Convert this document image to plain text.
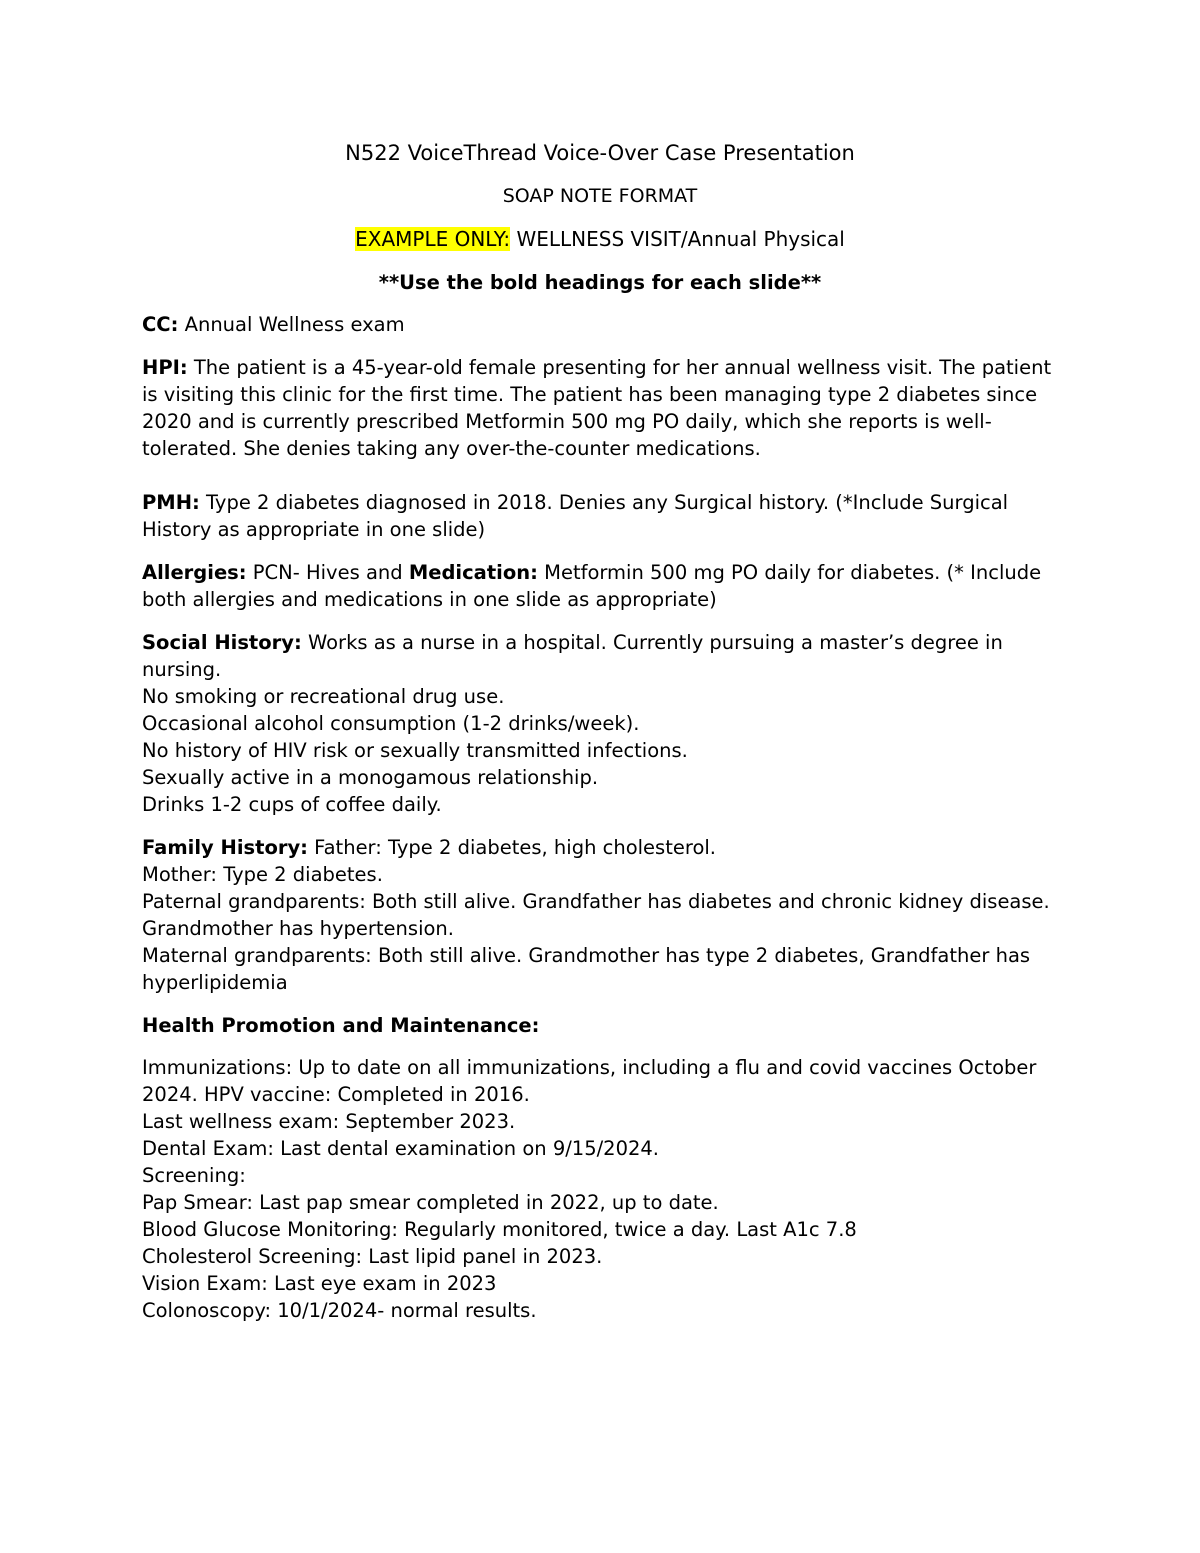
N522 VoiceThread Voice-Over Case Presentation
SOAP NOTE FORMAT
EXAMPLE ONLY: WELLNESS VISIT/Annual Physical
**Use the bold headings for each slide**

CC: Annual Wellness exam

HPI: The patient is a 45-year-old female presenting for her annual wellness visit. The patient is visiting this clinic for the first time. The patient has been managing type 2 diabetes since 2020 and is currently prescribed Metformin 500 mg PO daily, which she reports is well-tolerated. She denies taking any over-the-counter medications.

PMH: Type 2 diabetes diagnosed in 2018. Denies any Surgical history. (*Include Surgical History as appropriate in one slide)

Allergies: PCN- Hives and Medication: Metformin 500 mg PO daily for diabetes. (* Include both allergies and medications in one slide as appropriate)

Social History: Works as a nurse in a hospital. Currently pursuing a master’s degree in nursing.
No smoking or recreational drug use.
Occasional alcohol consumption (1-2 drinks/week).
No history of HIV risk or sexually transmitted infections.
Sexually active in a monogamous relationship.
Drinks 1-2 cups of coffee daily.
Family History: Father: Type 2 diabetes, high cholesterol.
Mother: Type 2 diabetes.
Paternal grandparents: Both still alive. Grandfather has diabetes and chronic kidney disease. Grandmother has hypertension.
Maternal grandparents: Both still alive. Grandmother has type 2 diabetes, Grandfather has hyperlipidemia
Health Promotion and Maintenance:
Immunizations: Up to date on all immunizations, including a flu and covid vaccines October 2024. HPV vaccine: Completed in 2016.
Last wellness exam: September 2023.
Dental Exam: Last dental examination on 9/15/2024.
Screening:
Pap Smear: Last pap smear completed in 2022, up to date.
Blood Glucose Monitoring: Regularly monitored, twice a day. Last A1c 7.8
Cholesterol Screening: Last lipid panel in 2023.
Vision Exam: Last eye exam in 2023
Colonoscopy: 10/1/2024- normal results.
